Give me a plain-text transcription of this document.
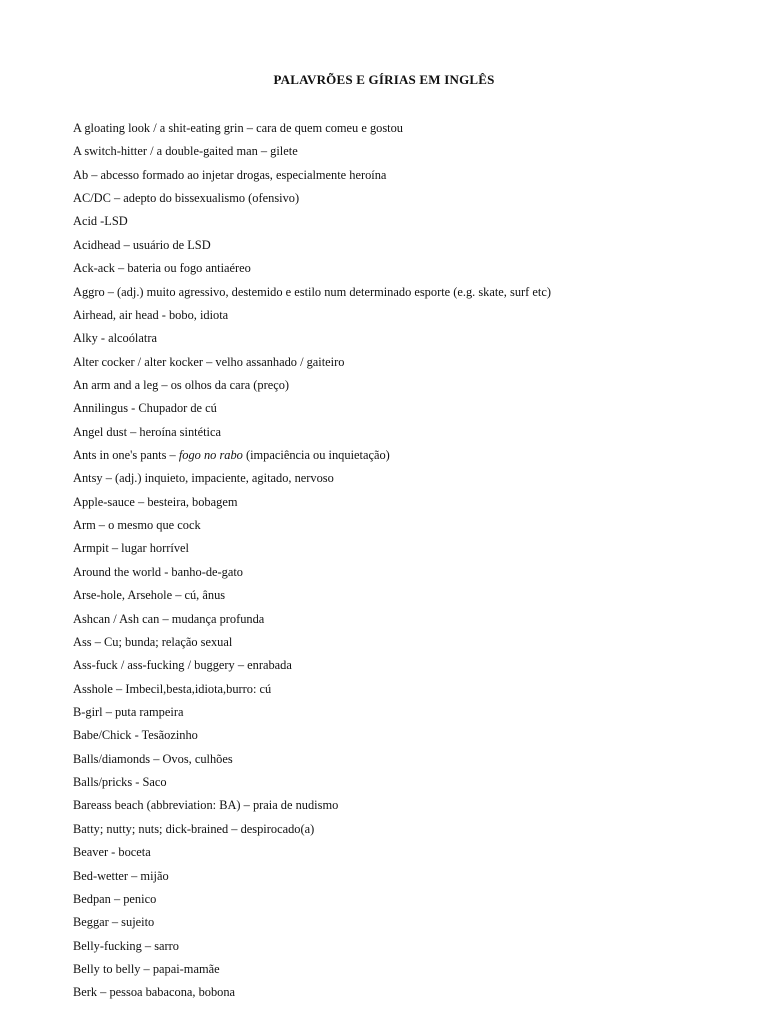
PALAVRÕES E GÍRIAS EM INGLÊS
A gloating look / a shit-eating grin – cara de quem comeu e gostou
A switch-hitter / a double-gaited man – gilete
Ab – abcesso formado ao injetar drogas, especialmente heroína
AC/DC – adepto do bissexualismo (ofensivo)
Acid -LSD
Acidhead – usuário de LSD
Ack-ack – bateria ou fogo antiaéreo
Aggro – (adj.) muito agressivo, destemido e estilo num determinado esporte (e.g. skate, surf etc)
Airhead, air head - bobo, idiota
Alky - alcoólatra
Alter cocker / alter kocker – velho assanhado / gaiteiro
An arm and a leg – os olhos da cara (preço)
Annilingus - Chupador de cú
Angel dust – heroína sintética
Ants in one's pants – fogo no rabo (impaciência ou inquietação)
Antsy – (adj.) inquieto, impaciente, agitado, nervoso
Apple-sauce – besteira, bobagem
Arm – o mesmo que cock
Armpit – lugar horrível
Around the world - banho-de-gato
Arse-hole, Arsehole – cú, ânus
Ashcan / Ash can – mudança profunda
Ass – Cu; bunda; relação sexual
Ass-fuck / ass-fucking / buggery – enrabada
Asshole – Imbecil,besta,idiota,burro: cú
B-girl – puta rampeira
Babe/Chick - Tesãozinho
Balls/diamonds – Ovos, culhões
Balls/pricks - Saco
Bareass beach (abbreviation: BA) – praia de nudismo
Batty; nutty; nuts; dick-brained – despirocado(a)
Beaver - boceta
Bed-wetter – mijão
Bedpan – penico
Beggar – sujeito
Belly-fucking – sarro
Belly to belly – papai-mamãe
Berk – pessoa babacona, bobona
